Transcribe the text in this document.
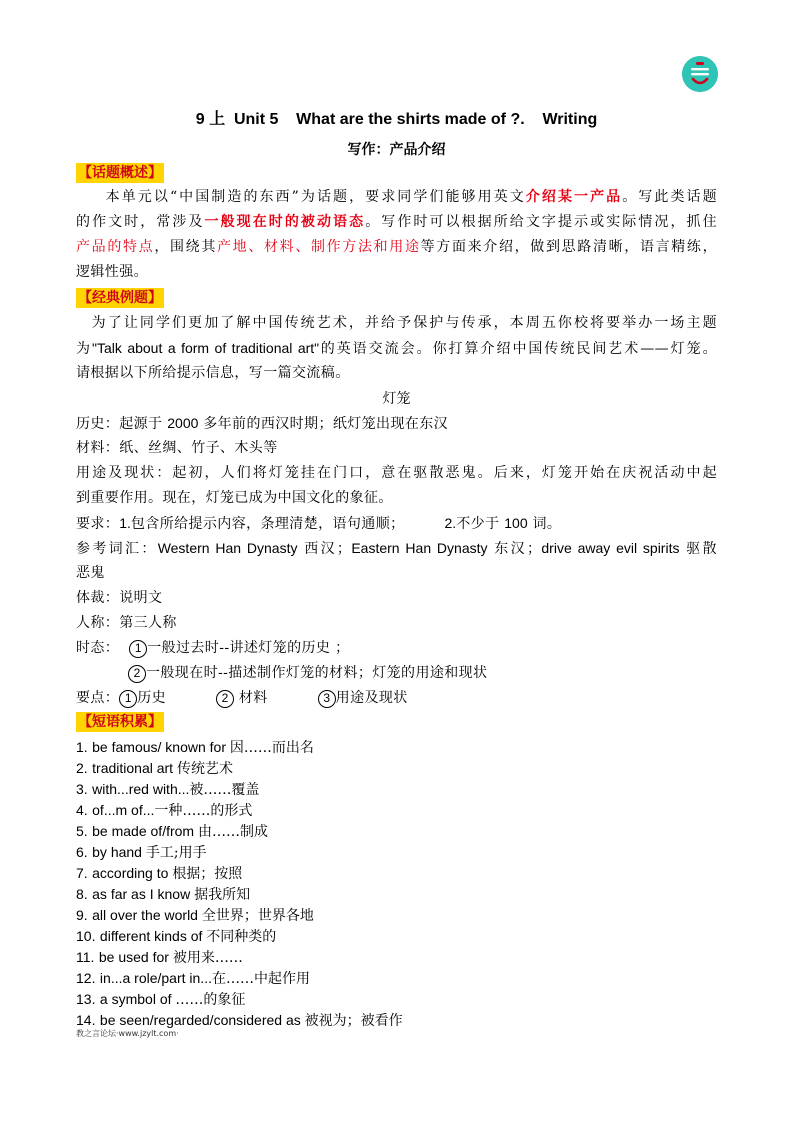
9 上  Unit 5    What are the shirts made of ?.    Writing
写作：产品介绍
【话题概述】
本单元以“中国制造的东西”为话题，要求同学们能够用英文介绍某一产品。写此类话题
的作文时，常涉及一般现在时的被动语态。写作时可以根据所给文字提示或实际情况，抓住
产品的特点，围绕其产地、材料、制作方法和用途等方面来介绍，做到思路清晰，语言精练，
逻辑性强。
【经典例题】
为了让同学们更加了解中国传统艺术，并给予保护与传承，本周五你校将要举办一场主题
为"Talk about a form of traditional art"的英语交流会。你打算介绍中国传统民间艺术——灯笼。
请根据以下所给提示信息，写一篇交流稿。
灯笼
历史：起源于 2000 多年前的西汉时期；纸灯笼出现在东汉
材料：纸、丝绸、竹子、木头等
用途及现状：起初，人们将灯笼挂在门口，意在驱散恶鬼。后来，灯笼开始在庆祝活动中起
到重要作用。现在，灯笼已成为中国文化的象征。
要求：1.包含所给提示内容，条理清楚，语句通顺；	2.不少于 100 词。
参考词汇：Western Han Dynasty 西汉；Eastern Han Dynasty 东汉；drive away evil spirits 驱散
恶鬼
体裁：说明文
人称：第三人称
时态： 1 一般过去时--讲述灯笼的历史 ；
2 一般现在时--描述制作灯笼的材料；灯笼的用途和现状
要点： 1 历史	2 材料	3 用途及现状
【短语积累】
1. be famous/ known for 因……而出名
2. traditional art 传统艺术
3. with...red with...被……覆盖
4. of...m of...一种……的形式
5. be made of/from 由……制成
6. by hand 手工;用手
7. according to 根据；按照
8. as far as I know 据我所知
9. all over the world 全世界；世界各地
10. different kinds of 不同种类的
11. be used for 被用来……
12. in...a role/part in...在……中起作用
13. a symbol of ……的象征
14. be seen/regarded/considered as 被视为；被看作
教之言论坛·www.jzylt.com·
